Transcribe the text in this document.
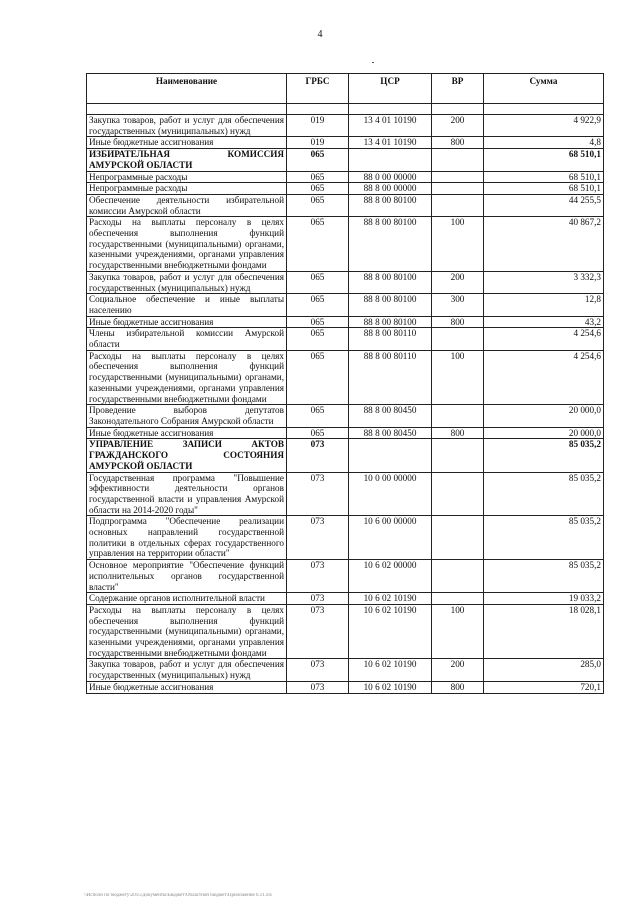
4
Наименование	ГРБС	ЦСР	ВР	Сумма

Закупка товаров, работ и услуг для обеспечения государственных (муниципальных) нужд	019	13 4 01 10190	200	4 922,9
Иные бюджетные ассигнования	019	13 4 01 10190	800	4,8
ИЗБИРАТЕЛЬНАЯ КОМИССИЯ АМУРСКОЙ ОБЛАСТИ	065			68 510,1
Непрограммные расходы	065	88 0 00 00000		68 510,1
Непрограммные расходы	065	88 8 00 00000		68 510,1
Обеспечение деятельности избирательной комиссии Амурской области	065	88 8 00 80100		44 255,5
Расходы на выплаты персоналу в целях обеспечения выполнения функций государственными (муниципальными) органами, казенными учреждениями, органами управления государственными внебюджетными фондами	065	88 8 00 80100	100	40 867,2
Закупка товаров, работ и услуг для обеспечения государственных (муниципальных) нужд	065	88 8 00 80100	200	3 332,3
Социальное обеспечение и иные выплаты населению	065	88 8 00 80100	300	12,8
Иные бюджетные ассигнования	065	88 8 00 80100	800	43,2
Члены избирательной комиссии Амурской области	065	88 8 00 80110		4 254,6
Расходы на выплаты персоналу в целях обеспечения выполнения функций государственными (муниципальными) органами, казенными учреждениями, органами управления государственными внебюджетными фондами	065	88 8 00 80110	100	4 254,6
Проведение выборов депутатов Законодательного Собрания Амурской области	065	88 8 00 80450		20 000,0
Иные бюджетные ассигнования	065	88 8 00 80450	800	20 000,0
УПРАВЛЕНИЕ ЗАПИСИ АКТОВ ГРАЖДАНСКОГО СОСТОЯНИЯ АМУРСКОЙ ОБЛАСТИ	073			85 035,2
Государственная программа "Повышение эффективности деятельности органов государственной власти и управления Амурской области на 2014-2020 годы"	073	10 0 00 00000		85 035,2
Подпрограмма "Обеспечение реализации основных направлений государственной политики в отдельных сферах государственного управления на территории области"	073	10 6 00 00000		85 035,2
Основное мероприятие "Обеспечение функций исполнительных органов государственной власти"	073	10 6 02 00000		85 035,2
Содержание органов исполнительной власти	073	10 6 02 10190		19 033,2
Расходы на выплаты персоналу в целях обеспечения выполнения функций государственными (муниципальными) органами, казенными учреждениями, органами управления государственными внебюджетными фондами	073	10 6 02 10190	100	18 028,1
Закупка товаров, работ и услуг для обеспечения государственных (муниципальных) нужд	073	10 6 02 10190	200	285,0
Иные бюджетные ассигнования	073	10 6 02 10190	800	720,1
\\Исполн по бюджету\2015\Документы\Бюджет\Областной бюджет\Приложение 6.11.xls
